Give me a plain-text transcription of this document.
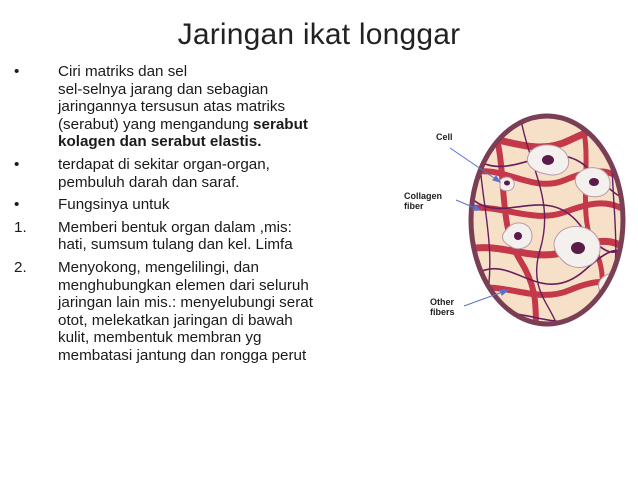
Jaringan ikat longgar
•	Ciri matriks dan sel
sel-selnya jarang dan sebagian
jaringannya tersusun atas matriks
(serabut) yang mengandung serabut
kolagen dan serabut elastis.
•	terdapat di sekitar organ-organ,
pembuluh darah dan saraf.
•	Fungsinya untuk
1.	Memberi bentuk organ dalam ,mis:
hati, sumsum tulang dan kel. Limfa
2.	Menyokong, mengelilingi, dan
menghubungkan elemen dari seluruh
jaringan lain mis.: menyelubungi serat
otot, melekatkan jaringan di bawah
kulit, membentuk membran yg
membatasi jantung dan rongga perut
Cell
Collagen
fiber
Other
fibers
